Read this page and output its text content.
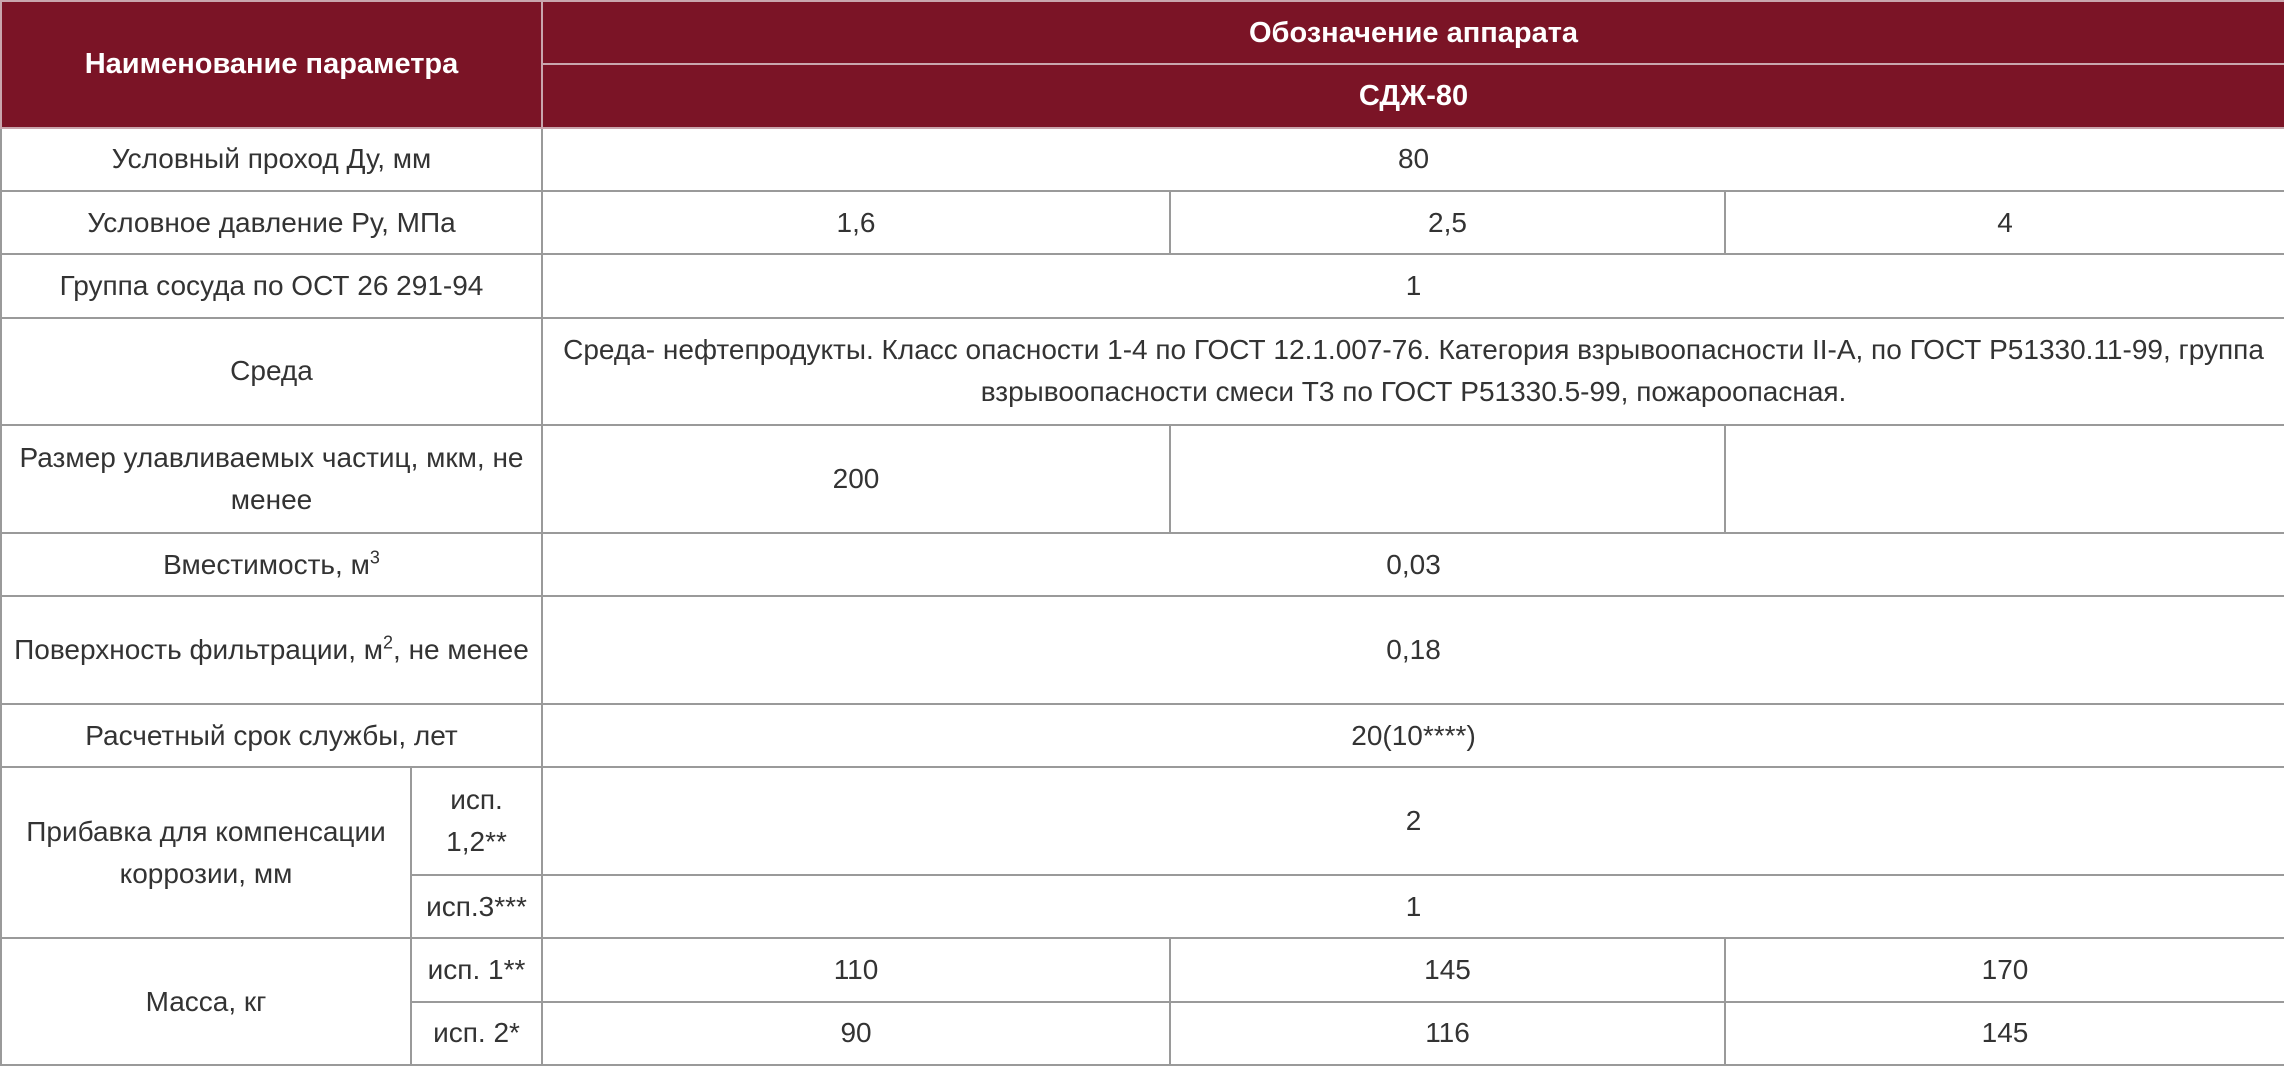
Наименование параметра		Обозначение аппарата		
		СДЖ-80		
Условный проход Ду, мм		80		
Условное давление Ру, МПа		1,6	2,5	4
Группа сосуда по ОСТ 26 291-94		1		
Среда		Среда- нефтепродукты. Класс опасности 1-4 по ГОСТ 12.1.007-76. Категория взрывоопасности II-А, по ГОСТ Р51330.11-99, группа взрывоопасности смеси Т3 по ГОСТ Р51330.5-99, пожароопасная.		
Размер улавливаемых частиц, мкм, не менее		200		
Вместимость, $м^3$		0,03		
Поверхность фильтрации, $м^2$, не менее		0,18		
Расчетный срок службы, лет		20(10****)		
Прибавка для компенсации коррозии, мм	исп. 1,2**	2		
	исп.3***	1		
Масса, кг	исп. 1**	110	145	170
	исп. 2*	90	116	145
